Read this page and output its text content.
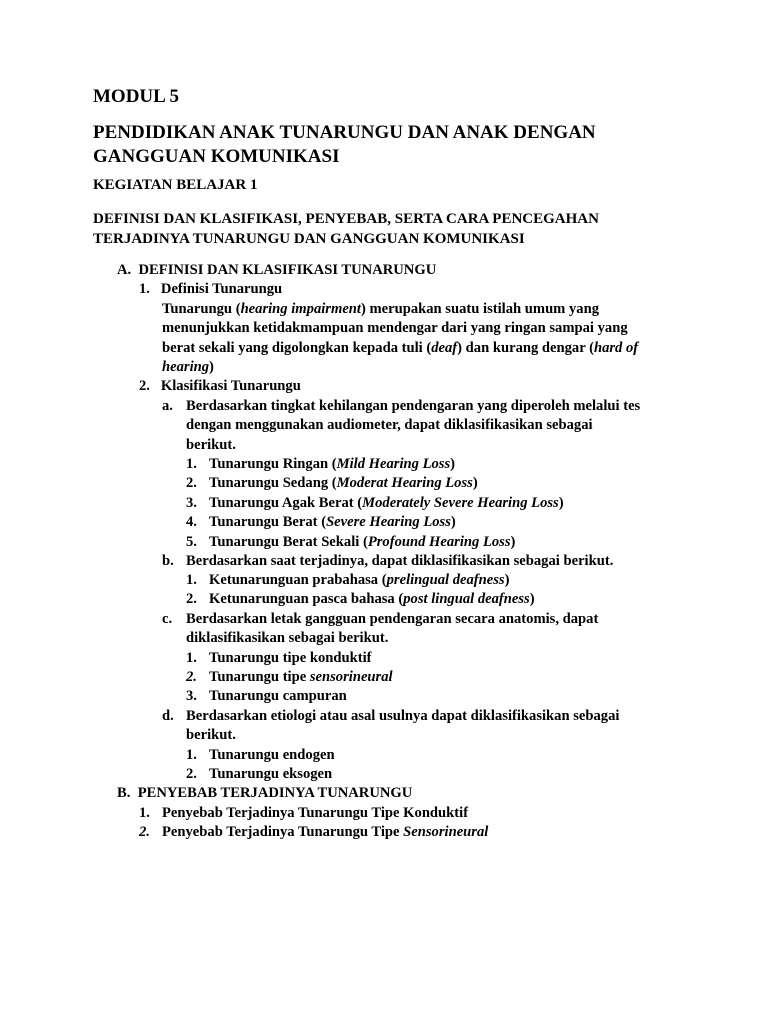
MODUL 5

PENDIDIKAN ANAK TUNARUNGU DAN ANAK DENGAN
GANGGUAN KOMUNIKASI

KEGIATAN BELAJAR 1

DEFINISI DAN KLASIFIKASI, PENYEBAB, SERTA CARA PENCEGAHAN
TERJADINYA TUNARUNGU DAN GANGGUAN KOMUNIKASI
A. DEFINISI DAN KLASIFIKASI TUNARUNGU
1. Definisi Tunarungu
Tunarungu (hearing impairment) merupakan suatu istilah umum yang
menunjukkan ketidakmampuan mendengar dari yang ringan sampai yang
berat sekali yang digolongkan kepada tuli (deaf) dan kurang dengar (hard of
hearing)
2. Klasifikasi Tunarungu
a. Berdasarkan tingkat kehilangan pendengaran yang diperoleh melalui tes
dengan menggunakan audiometer, dapat diklasifikasikan sebagai
berikut.
1. Tunarungu Ringan (Mild Hearing Loss)
2. Tunarungu Sedang (Moderat Hearing Loss)
3. Tunarungu Agak Berat (Moderately Severe Hearing Loss)
4. Tunarungu Berat (Severe Hearing Loss)
5. Tunarungu Berat Sekali (Profound Hearing Loss)
b. Berdasarkan saat terjadinya, dapat diklasifikasikan sebagai berikut.
1. Ketunarunguan prabahasa (prelingual deafness)
2. Ketunarunguan pasca bahasa (post lingual deafness)
c. Berdasarkan letak gangguan pendengaran secara anatomis, dapat
diklasifikasikan sebagai berikut.
1. Tunarungu tipe konduktif
2. Tunarungu tipe sensorineural
3. Tunarungu campuran
d. Berdasarkan etiologi atau asal usulnya dapat diklasifikasikan sebagai
berikut.
1. Tunarungu endogen
2. Tunarungu eksogen
B. PENYEBAB TERJADINYA TUNARUNGU
1. Penyebab Terjadinya Tunarungu Tipe Konduktif
2. Penyebab Terjadinya Tunarungu Tipe Sensorineural
